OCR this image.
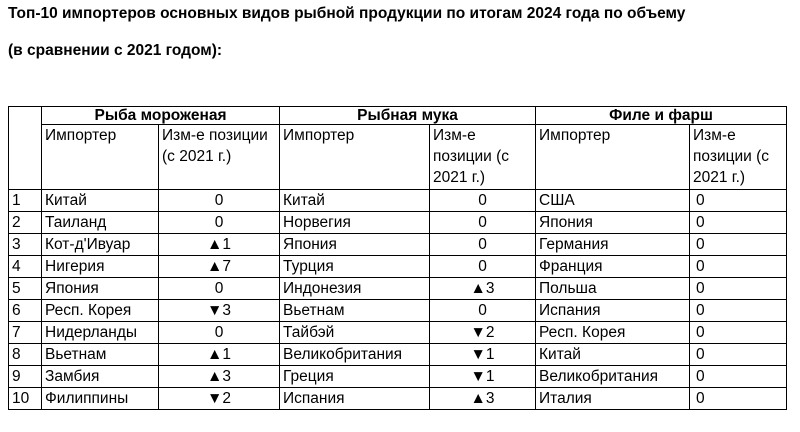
Топ-10 импортеров основных видов рыбной продукции по итогам 2024 года по объему
(в сравнении с 2021 годом):
	Рыба мороженая		Рыбная мука		Филе и фарш	
	Импортер	Изм-е позиции (с 2021 г.)	Импортер	Изм-е позиции (с 2021 г.)	Импортер	Изм-е позиции (с 2021 г.)
1	Китай	0	Китай	0	США	0
2	Таиланд	0	Норвегия	0	Япония	0
3	Кот-д'Ивуар	▲1	Япония	0	Германия	0
4	Нигерия	▲7	Турция	0	Франция	0
5	Япония	0	Индонезия	▲3	Польша	0
6	Респ. Корея	▼3	Вьетнам	0	Испания	0
7	Нидерланды	0	Тайбэй	▼2	Респ. Корея	0
8	Вьетнам	▲1	Великобритания	▼1	Китай	0
9	Замбия	▲3	Греция	▼1	Великобритания	0
10	Филиппины	▼2	Испания	▲3	Италия	0
